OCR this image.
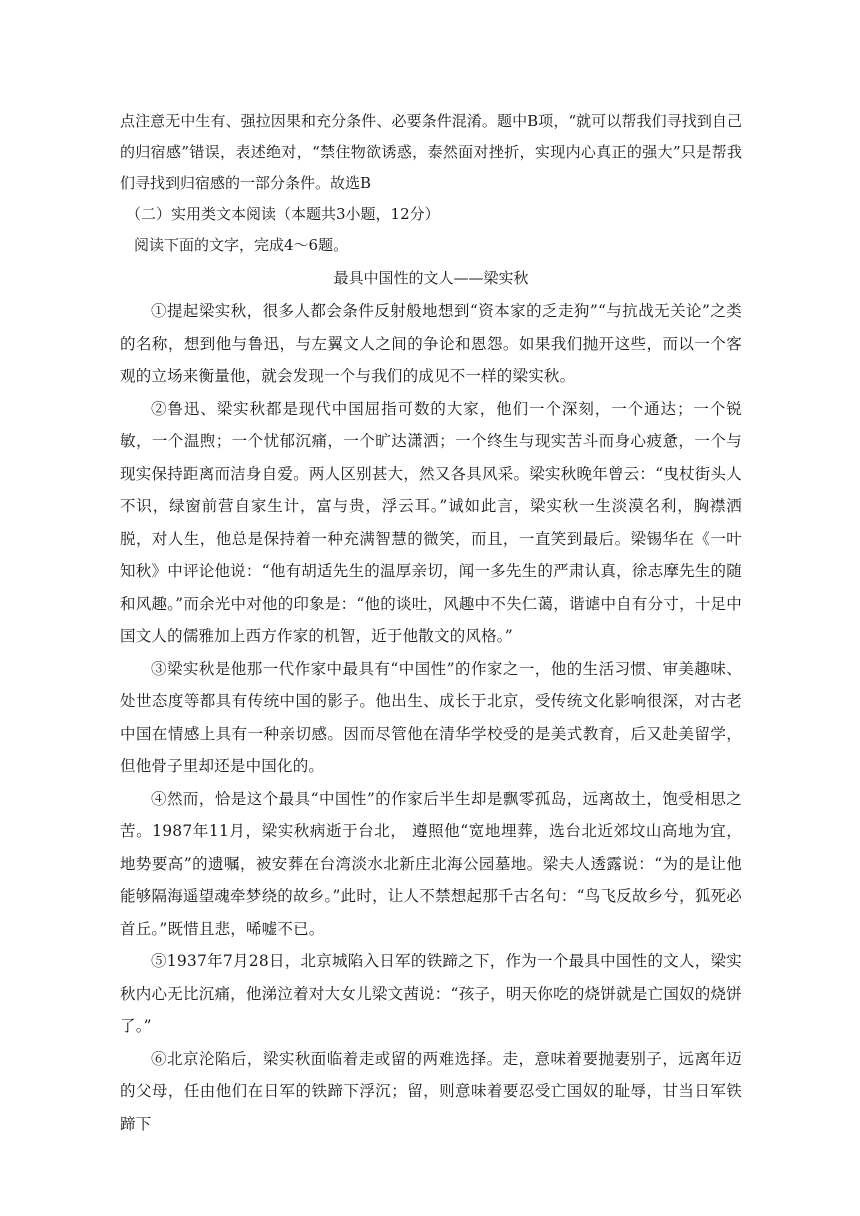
点注意无中生有、强拉因果和充分条件、必要条件混淆。题中B项，“就可以帮我们寻找到自己的归宿感”错误，表述绝对，“禁住物欲诱惑，泰然面对挫折，实现内心真正的强大”只是帮我们寻找到归宿感的一部分条件。故选B

（二）实用类文本阅读（本题共3小题，12分）

阅读下面的文字，完成4～6题。

最具中国性的文人——梁实秋

①提起梁实秋，很多人都会条件反射般地想到“资本家的乏走狗”“与抗战无关论”之类的名称，想到他与鲁迅，与左翼文人之间的争论和恩怨。如果我们抛开这些，而以一个客观的立场来衡量他，就会发现一个与我们的成见不一样的梁实秋。

②鲁迅、梁实秋都是现代中国屈指可数的大家，他们一个深刻，一个通达；一个锐敏，一个温煦；一个忧郁沉痛，一个旷达潇洒；一个终生与现实苦斗而身心疲惫，一个与现实保持距离而洁身自爱。两人区别甚大，然又各具风采。梁实秋晚年曾云：“曳杖街头人不识，绿窗前营自家生计，富与贵，浮云耳。”诚如此言，梁实秋一生淡漠名利，胸襟洒脱，对人生，他总是保持着一种充满智慧的微笑，而且，一直笑到最后。梁锡华在《一叶知秋》中评论他说：“他有胡适先生的温厚亲切，闻一多先生的严肃认真，徐志摩先生的随和风趣。”而余光中对他的印象是：“他的谈吐，风趣中不失仁蔼，谐谑中自有分寸，十足中国文人的儒雅加上西方作家的机智，近于他散文的风格。”

③梁实秋是他那一代作家中最具有“中国性”的作家之一，他的生活习惯、审美趣味、处世态度等都具有传统中国的影子。他出生、成长于北京，受传统文化影响很深，对古老中国在情感上具有一种亲切感。因而尽管他在清华学校受的是美式教育，后又赴美留学，但他骨子里却还是中国化的。

④然而，恰是这个最具“中国性”的作家后半生却是飘零孤岛，远离故土，饱受相思之苦。1987年11月，梁实秋病逝于台北， 遵照他“宽地埋葬，选台北近郊坟山高地为宜，地势要高”的遗嘱，被安葬在台湾淡水北新庄北海公园墓地。梁夫人透露说：“为的是让他能够隔海遥望魂牵梦绕的故乡。”此时，让人不禁想起那千古名句：“鸟飞反故乡兮，狐死必首丘。”既惜且悲，唏嘘不已。

⑤1937年7月28日，北京城陷入日军的铁蹄之下，作为一个最具中国性的文人，梁实秋内心无比沉痛，他涕泣着对大女儿梁文茜说：“孩子，明天你吃的烧饼就是亡国奴的烧饼了。”

⑥北京沦陷后，梁实秋面临着走或留的两难选择。走，意味着要抛妻别子，远离年迈的父母，任由他们在日军的铁蹄下浮沉；留，则意味着要忍受亡国奴的耻辱，甘当日军铁蹄下
